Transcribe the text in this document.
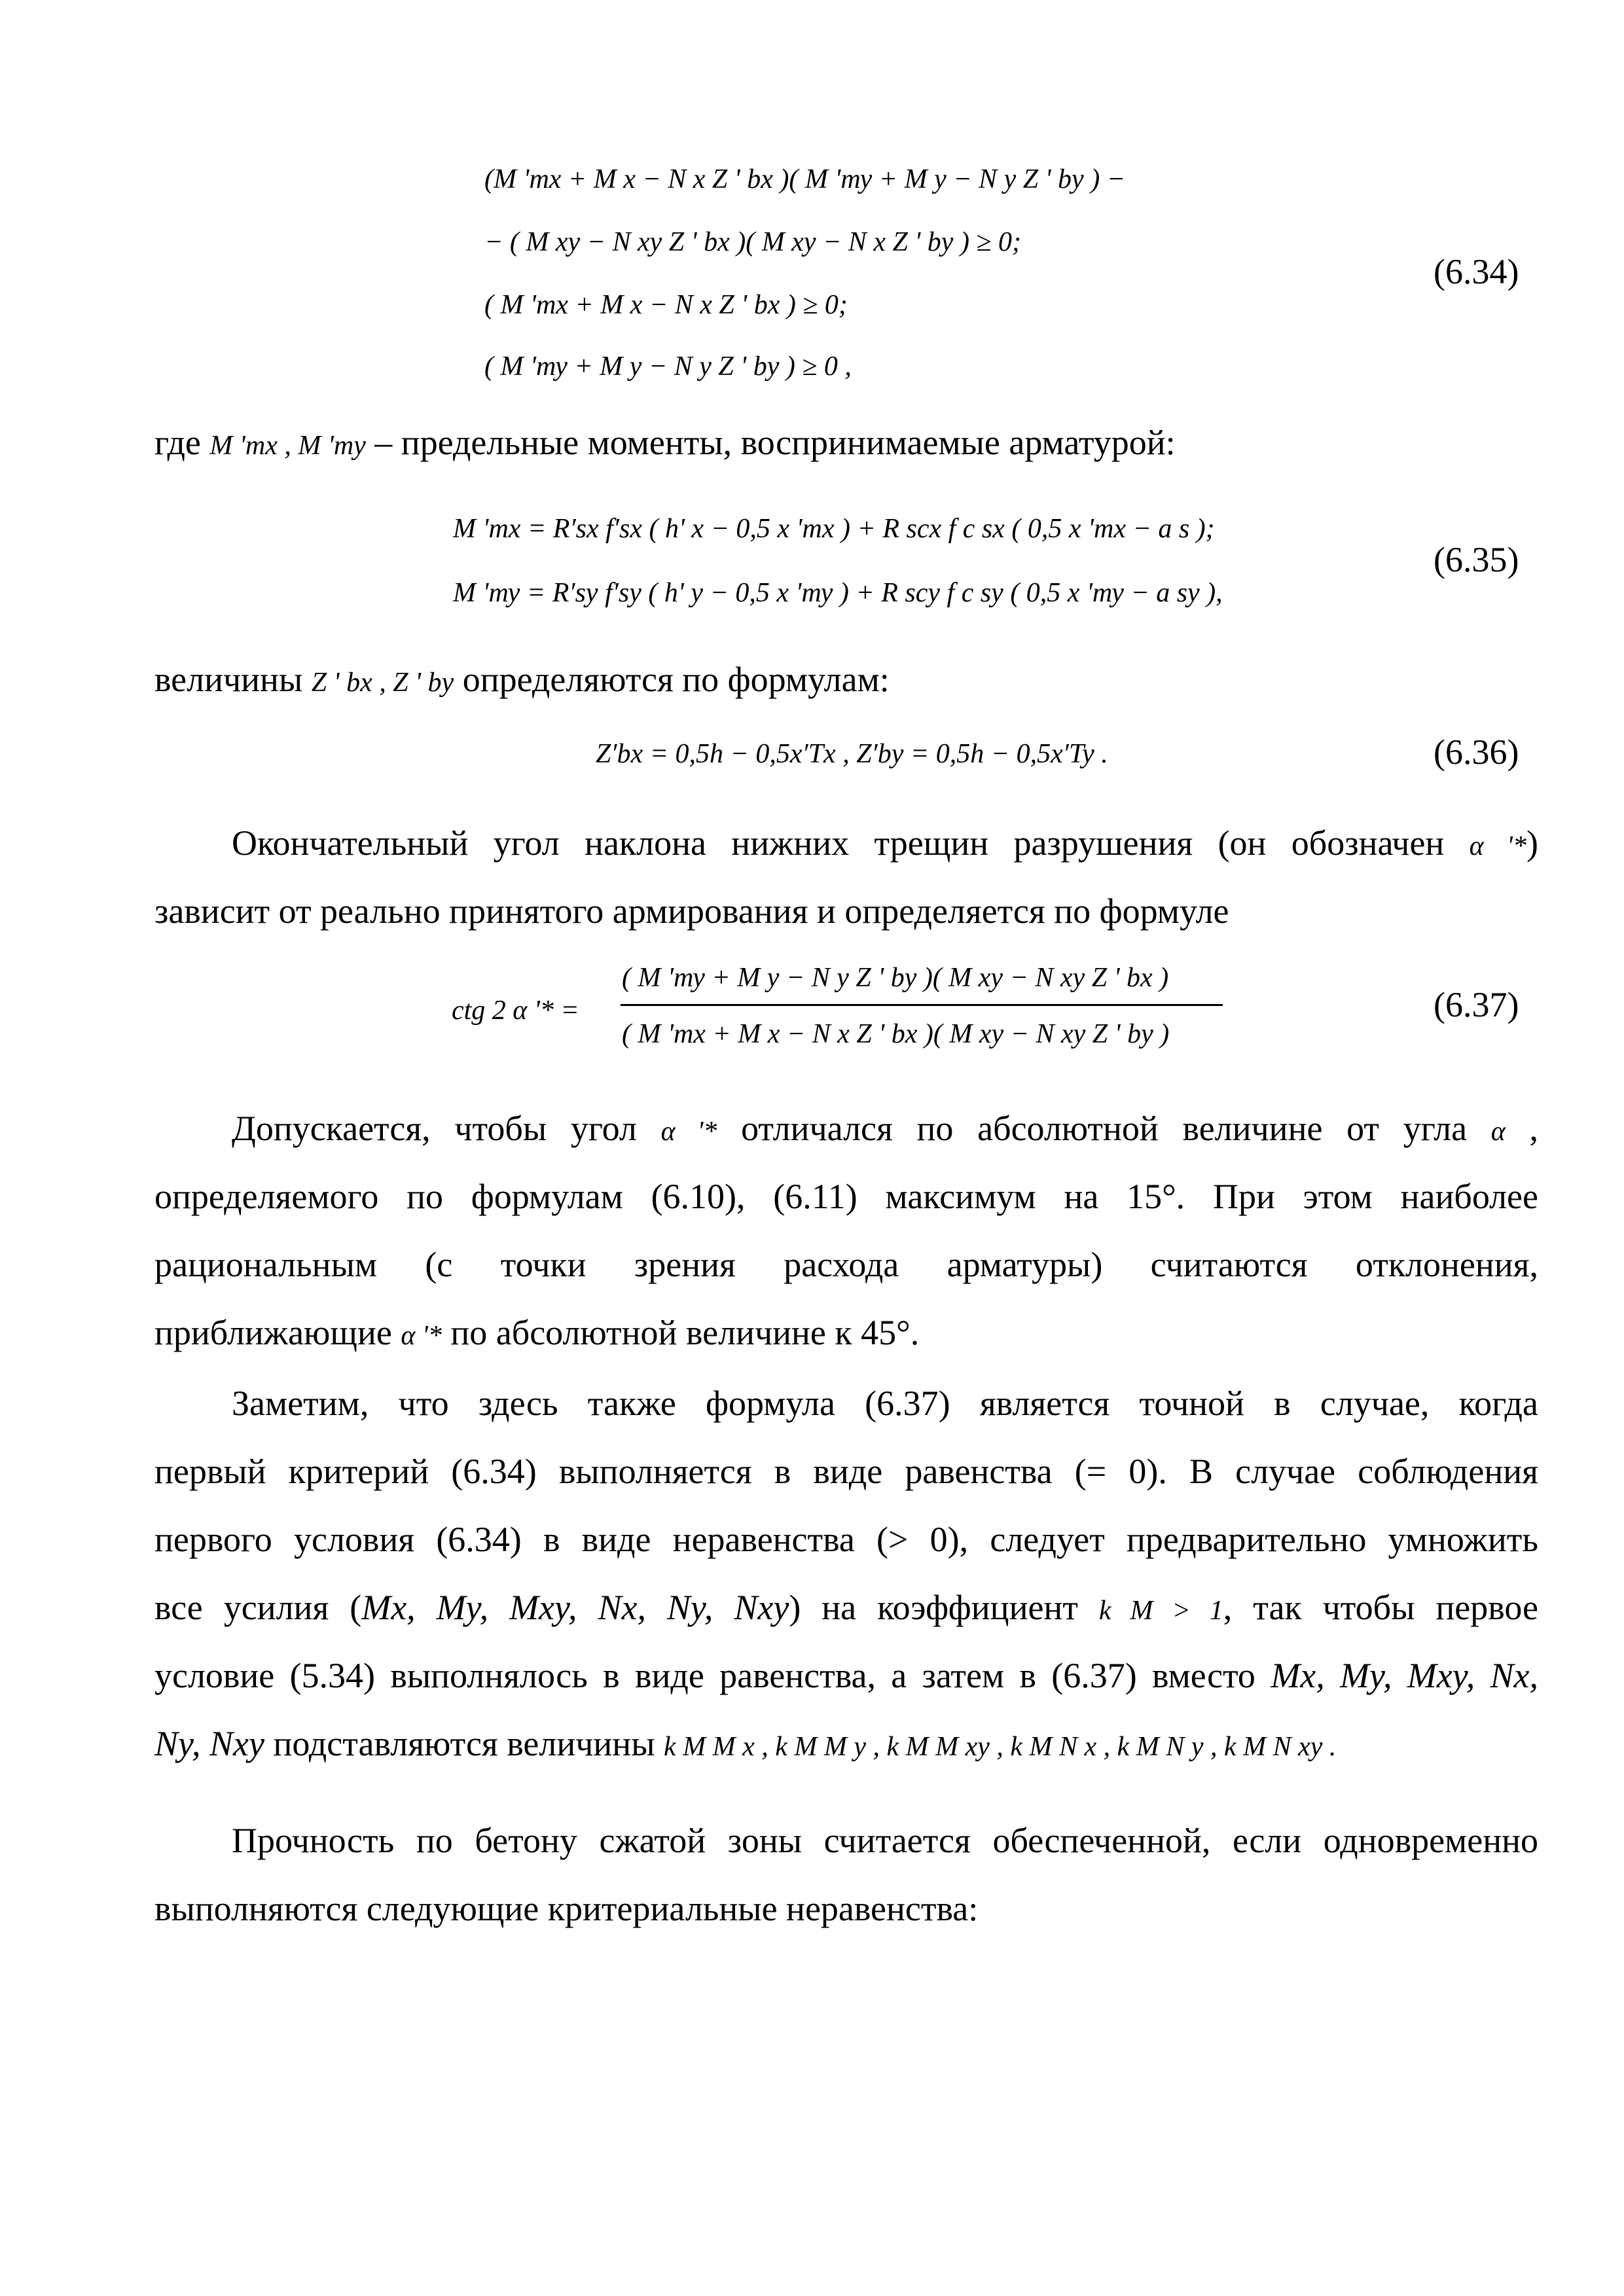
(M 'тх + M x − N x Z ' bx )( M 'ту + M y − N y Z ' by ) −
− ( M xy − N xy Z ' bx )( M xy − N x Z ' by ) ≥ 0;
( M 'тх + M x − N x Z ' bx ) ≥ 0;
( M 'ту + M y − N y Z ' by ) ≥ 0 ,
(6.34)
где M 'тx , M 'тy – предельные моменты, воспринимаемые арматурой:
M 'тх = R′sx f′sx ( h' x − 0,5 x 'тx ) + R scx f c sx ( 0,5 x 'тх − a s );
M 'ту = R′sy f′sy ( h' y − 0,5 x 'ту ) + R scy f c sy ( 0,5 x 'ту − a sy ),
(6.35)
величины Z ' bx , Z ' by определяются по формулам:
Z′bx = 0,5h − 0,5x′Tx , Z′by = 0,5h − 0,5x′Ty .	(6.36)
Окончательный угол наклона нижних трещин разрушения (он обозначен α '*)
зависит от реально принятого армирования и определяется по формуле
ctg 2 α '* =
( M 'ту + M y − N y Z ' by )( M xy − N xy Z ' bx )
( M 'тх + M x − N x Z ' bx )( M xy − N xy Z ' by )
(6.37)
Допускается, чтобы угол α '* отличался по абсолютной величине от угла α ,
определяемого по формулам (6.10), (6.11) максимум на 15°. При этом наиболее
рациональным (с точки зрения расхода арматуры) считаются отклонения,
приближающие α '* по абсолютной величине к 45°.
Заметим, что здесь также формула (6.37) является точной в случае, когда
первый критерий (6.34) выполняется в виде равенства (= 0). В случае соблюдения
первого условия (6.34) в виде неравенства (> 0), следует предварительно умножить
все усилия (Mx, My, Mxy, Nx, Ny, Nxy) на коэффициент k M > 1, так чтобы первое
условие (5.34) выполнялось в виде равенства, а затем в (6.37) вместо Mx, My, Mxy, Nx,
Ny, Nxy подставляются величины k M M x , k M M y , k M M xy , k M N x , k M N y , k M N xy .
Прочность по бетону сжатой зоны считается обеспеченной, если одновременно
выполняются следующие критериальные неравенства:
